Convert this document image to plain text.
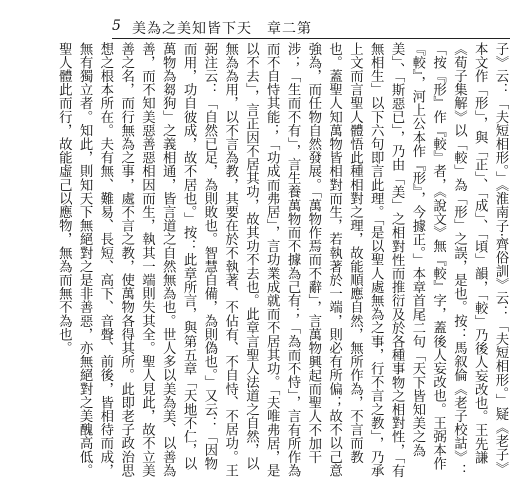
5 美為之美知皆下天　章二第

子》云：「夫短相形。」《淮南子‧齊俗訓》云：「夫短相形。」疑《老子》本文作「形」，與「正」、「成」、「頃」韻，「較」乃後人妄改也。王先謙《荀子集解》以「較」為「形」之誤，是也。按：馬叙倫《老子校詁》：「按『形』作『較』者，《說文》無『較』字，蓋後人妄改也。王弼本作『較』，河上公本作『形』，今據正。」本章首尾二句「天下皆知美之為美」、「斯惡已」，乃由「美」之相對性而推衍及於各種事物之相對性，「有無相生」以下六句即言此理。「是以聖人處無為之事，行不言之教」，乃承上文而言聖人體悟此種相對之理，故能順應自然，無所作為，不言而教也。蓋聖人知萬物皆相對而生，若執著於一端，則必有所偏；故不以己意強為，而任物自然發展。「萬物作焉而不辭」，言萬物興起而聖人不加干涉；「生而不有」，言生養萬物而不據為己有；「為而不恃」，言有所作為而不自恃其能；「功成而弗居」，言功業成就而不居其功。「夫唯弗居，是以不去」，言正因不居其功，故其功不去也。此章言聖人法道之自然，以無為為用，以不言為教，其要在於不執著、不佔有、不自恃、不居功。王弼注云：「自然已足，為則敗也。智慧自備，為則偽也。」又云：「因物而用，功自彼成，故不居也。」按：此章所言，與第五章「天地不仁，以萬物為芻狗」之義相通，皆言道之自然無為也。世人多以美為美、以善為善，而不知美惡善惡相因而生，執其一端則失其全。聖人見此，故不立美善之名，而行無為之事，處不言之教，使萬物各得其所。此即老子政治思想之根本所在。夫有無、難易、長短、高下、音聲、前後，皆相待而成，無有獨立者。知此，則知天下無絕對之是非善惡，亦無絕對之美醜高低。聖人體此而行，故能虛己以應物，無為而無不為也。
